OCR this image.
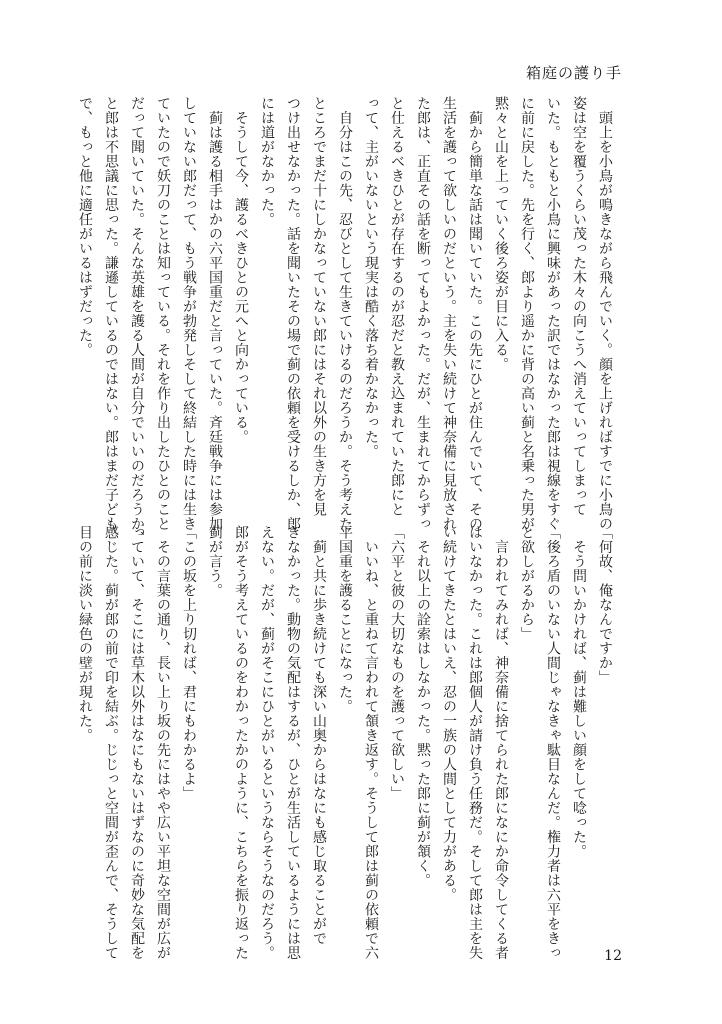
箱庭の護り手
　頭上を小鳥が鳴きながら飛んでいく。顔を上げればすでに小鳥の
姿は空を覆うくらい茂った木々の向こうへ消えていってしまって
いた。もともと小鳥に興味があった訳ではなかった郎は視線をすぐ
に前に戻した。先を行く、郎より遥かに背の高い蓟と名乗った男が
黙々と山を上っていく後ろ姿が目に入る。
　蓟から簡単な話は聞いていた。この先にひとが住んでいて、その
生活を護って欲しいのだという。主を失い続けて神奈備に見放され
た郎は、正直その話を断ってもよかった。だが、生まれてからずっ
と仕えるべきひとが存在するのが忍だと教え込まれていた郎にと
って、主がいないという現実は酷く落ち着かなかった。
　自分はこの先、忍びとして生きていけるのだろうか。そう考えた
ところでまだ十にしかなっていない郎にはそれ以外の生き方を見
つけ出せなかった。話を聞いたその場で蓟の依頼を受けるしか、郎
には道がなかった。
　そうして今、護るべきひとの元へと向かっている。
　蓟は護る相手はかの六平国重だと言っていた。斉廷戦争には参加
していない郎だって、もう戦争が勃発しそして終結した時には生き
ていたので妖刀のことは知っている。それを作り出したひとのこと
だって聞いていた。そんな英雄を護る人間が自分でいいのだろうか、
と郎は不思議に思った。謙遜しているのではない。郎はまだ子ども
で、もっと他に適任がいるはずだった。
「何故、俺なんですか」
　そう問いかければ、蓟は難しい顔をして唸った。
「後ろ盾のいない人間じゃなきゃ駄目なんだ。権力者は六平をきっ
と欲しがるから」
　言われてみれば、神奈備に捨てられた郎になにか命令してくる者
はいなかった。これは郎個人が請け負う任務だ。そして郎は主を失
い続けてきたとはいえ、忍の一族の人間として力がある。
　それ以上の詮索はしなかった。黙った郎に蓟が頷く。
「六平と彼の大切なものを護って欲しい」
　いいね、と重ねて言われて頷き返す。そうして郎は蓟の依頼で六
平国重を護ることになった。
　蓟と共に歩き続けても深い山奥からはなにも感じ取ることがで
きなかった。動物の気配はするが、ひとが生活しているようには思
えない。だが、蓟がそこにひとがいるというならそうなのだろう。
郎がそう考えているのをわかったかのように、こちらを振り返った
蓟が言う。
「この坂を上り切れば、君にもわかるよ」
　その言葉の通り、長い上り坂の先にはやや広い平坦な空間が広が
っていて、そこには草木以外はなにもないはずなのに奇妙な気配を
感じた。蓟が郎の前で印を結ぶ。じじっと空間が歪んで、そうして
目の前に淡い緑色の壁が現れた。
12
